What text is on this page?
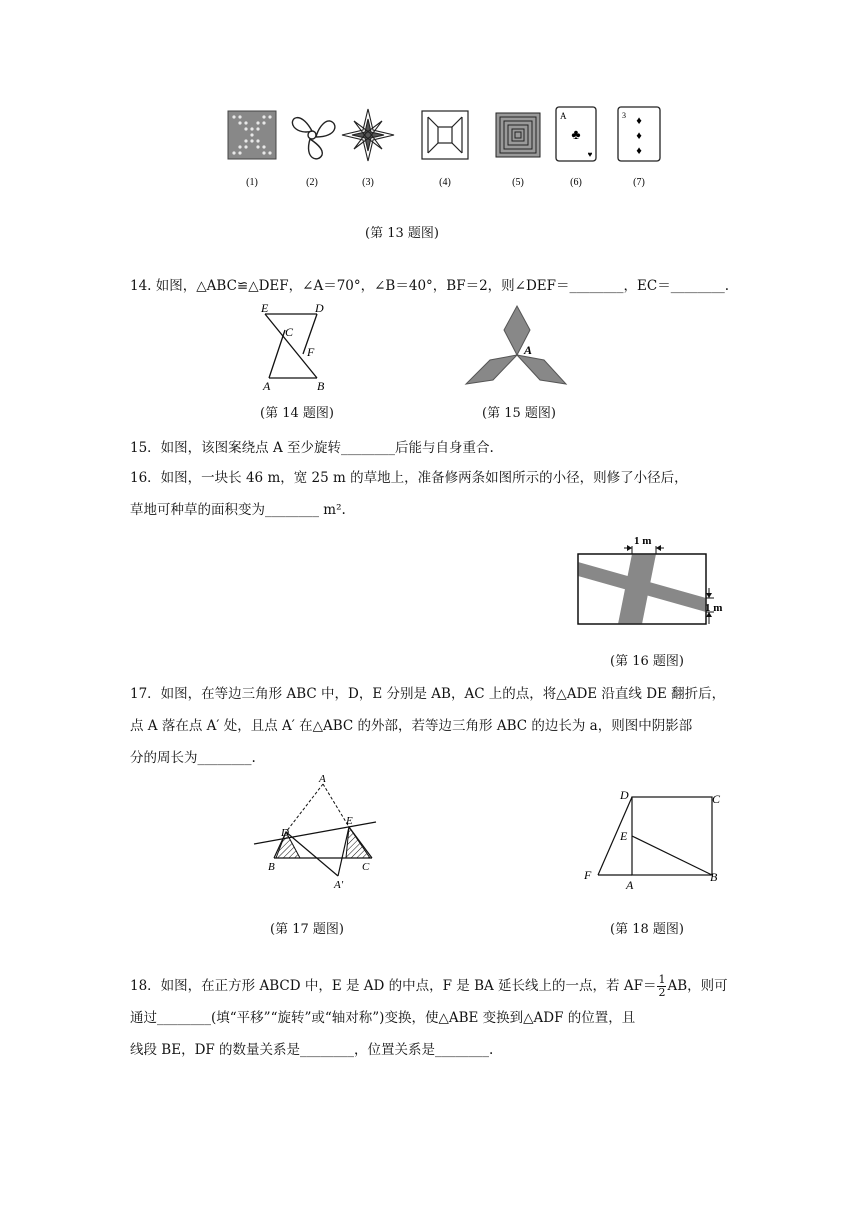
A
♣
♥
3 ♦
♦
♦
(1)	(2)	(3)	(4)	(5)	(6)	(7)
(第 13 题图)
14. 如图，△ABC≌△DEF，∠A＝70°，∠B＝40°，BF＝2，则∠DEF＝________，EC＝________.
E	D
C
F
A	B
(第 14 题图)
A
(第 15 题图)
15．如图，该图案绕点 A 至少旋转________后能与自身重合.
16．如图，一块长 46 m，宽 25 m 的草地上，准备修两条如图所示的小径，则修了小径后，
草地可种草的面积变为________ m².
1 m
1 m
(第 16 题图)
17．如图，在等边三角形 ABC 中，D，E 分别是 AB，AC 上的点，将△ADE 沿直线 DE 翻折后，
点 A 落在点 A′ 处，且点 A′ 在△ABC 的外部，若等边三角形 ABC 的边长为 a，则图中阴影部
分的周长为________.
A
D
E
B	C
A′
(第 17 题图)
D	C
E
F
A
B
(第 18 题图)
18．如图，在正方形 ABCD 中，E 是 AD 的中点，F 是 BA 延长线上的一点，若 $AF= \frac{1}{2}$ AB，则可
通过________(填“平移”“旋转”或“轴对称”)变换，使△ABE 变换到△ADF 的位置，且
线段 BE，DF 的数量关系是________，位置关系是________.
